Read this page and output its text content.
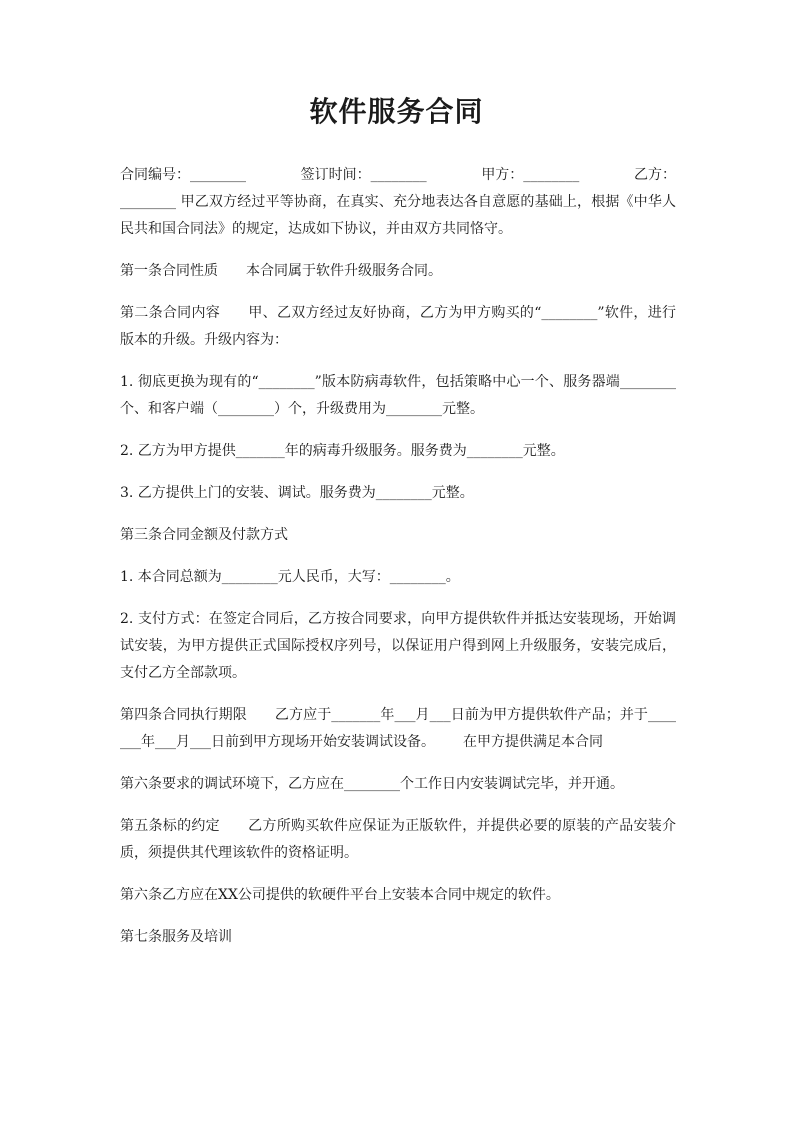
软件服务合同

合同编号：________	签订时间：________	甲方：________	乙方：

________ 甲乙双方经过平等协商，在真实、充分地表达各自意愿的基础上，根据《中华人民共和国合同法》的规定，达成如下协议，并由双方共同恪守。

第一条合同性质 本合同属于软件升级服务合同。

第二条合同内容 甲、乙双方经过友好协商，乙方为甲方购买的“________”软件，进行版本的升级。升级内容为：

1. 彻底更换为现有的“________”版本防病毒软件，包括策略中心一个、服务器端________个、和客户端（________）个，升级费用为________元整。

2. 乙方为甲方提供_______年的病毒升级服务。服务费为________元整。

3. 乙方提供上门的安装、调试。服务费为________元整。

第三条合同金额及付款方式

1. 本合同总额为________元人民币，大写：________。

2. 支付方式：在签定合同后，乙方按合同要求，向甲方提供软件并抵达安装现场，开始调试安装，为甲方提供正式国际授权序列号，以保证用户得到网上升级服务，安装完成后，支付乙方全部款项。

第四条合同执行期限 乙方应于_______年___月___日前为甲方提供软件产品；并于_______年___月___日前到甲方现场开始安装调试设备。 在甲方提供满足本合同

第六条要求的调试环境下，乙方应在________个工作日内安装调试完毕，并开通。

第五条标的约定 乙方所购买软件应保证为正版软件，并提供必要的原装的产品安装介质，须提供其代理该软件的资格证明。

第六条乙方应在XX公司提供的软硬件平台上安装本合同中规定的软件。

第七条服务及培训
